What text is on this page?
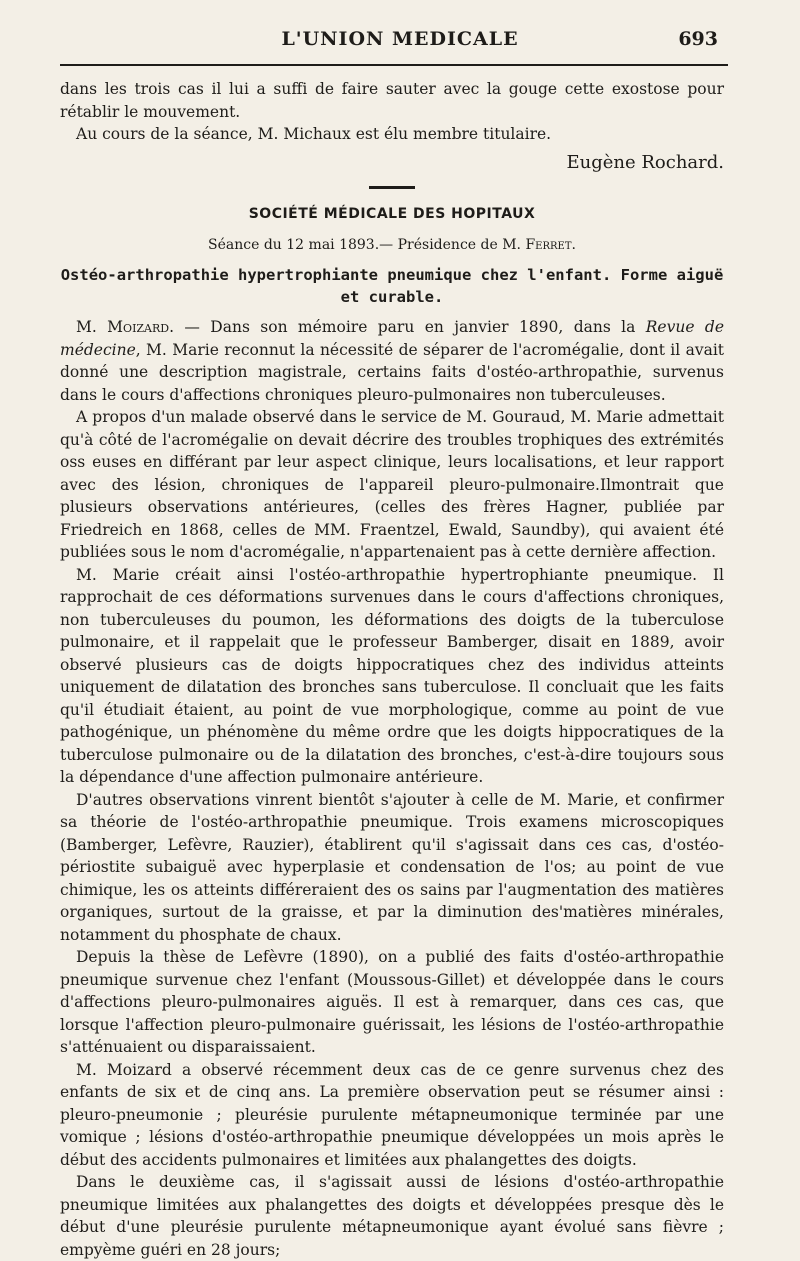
L'UNION MEDICALE	693

dans les trois cas il lui a suffi de faire sauter avec la gouge cette exostose pour rétablir le mouvement.

Au cours de la séance, M. Michaux est élu membre titulaire.

Eugène Rochard.

SOCIÉTÉ MÉDICALE DES HOPITAUX

Séance du 12 mai 1893.— Présidence de M. Ferret.

Ostéo-arthropathie hypertrophiante pneumique chez l'enfant. Forme aiguë et curable.

M. Moizard. — Dans son mémoire paru en janvier 1890, dans la Revue de médecine, M. Marie reconnut la nécessité de séparer de l'acromégalie, dont il avait donné une description magistrale, certains faits d'ostéo-arthropathie, survenus dans le cours d'affections chroniques pleuro-pulmonaires non tuberculeuses.

A propos d'un malade observé dans le service de M. Gouraud, M. Marie admettait qu'à côté de l'acromégalie on devait décrire des troubles trophiques des extrémités oss euses en différant par leur aspect clinique, leurs localisations, et leur rapport avec des lésion, chroniques de l'appareil pleuro-pulmonaire.Ilmontrait que plusieurs observations antérieures, (celles des frères Hagner, publiée par Friedreich en 1868, celles de MM. Fraentzel, Ewald, Saundby), qui avaient été publiées sous le nom d'acromégalie, n'appartenaient pas à cette dernière affection.

M. Marie créait ainsi l'ostéo-arthropathie hypertrophiante pneumique. Il rapprochait de ces déformations survenues dans le cours d'affections chroniques, non tuberculeuses du poumon, les déformations des doigts de la tuberculose pulmonaire, et il rappelait que le professeur Bamberger, disait en 1889, avoir observé plusieurs cas de doigts hippocratiques chez des individus atteints uniquement de dilatation des bronches sans tuberculose. Il concluait que les faits qu'il étudiait étaient, au point de vue morphologique, comme au point de vue pathogénique, un phénomène du même ordre que les doigts hippocratiques de la tuberculose pulmonaire ou de la dilatation des bronches, c'est-à-dire toujours sous la dépendance d'une affection pulmonaire antérieure.

D'autres observations vinrent bientôt s'ajouter à celle de M. Marie, et confirmer sa théorie de l'ostéo-arthropathie pneumique. Trois examens microscopiques (Bamberger, Lefèvre, Rauzier), établirent qu'il s'agissait dans ces cas, d'ostéo-périostite subaiguë avec hyperplasie et condensation de l'os; au point de vue chimique, les os atteints différeraient des os sains par l'augmentation des matières organiques, surtout de la graisse, et par la diminution des'matières minérales, notamment du phosphate de chaux.

Depuis la thèse de Lefèvre (1890), on a publié des faits d'ostéo-arthropathie pneumique survenue chez l'enfant (Moussous-Gillet) et développée dans le cours d'affections pleuro-pulmonaires aiguës. Il est à remarquer, dans ces cas, que lorsque l'affection pleuro-pulmonaire guérissait, les lésions de l'ostéo-arthropathie s'atténuaient ou disparaissaient.

M. Moizard a observé récemment deux cas de ce genre survenus chez des enfants de six et de cinq ans. La première observation peut se résumer ainsi : pleuro-pneumonie ; pleurésie purulente métapneumonique terminée par une vomique ; lésions d'ostéo-arthropathie pneumique développées un mois après le début des accidents pulmonaires et limitées aux phalangettes des doigts.

Dans le deuxième cas, il s'agissait aussi de lésions d'ostéo-arthropathie pneumique limitées aux phalangettes des doigts et développées presque dès le début d'une pleurésie purulente métapneumonique ayant évolué sans fièvre ; empyème guéri en 28 jours;
